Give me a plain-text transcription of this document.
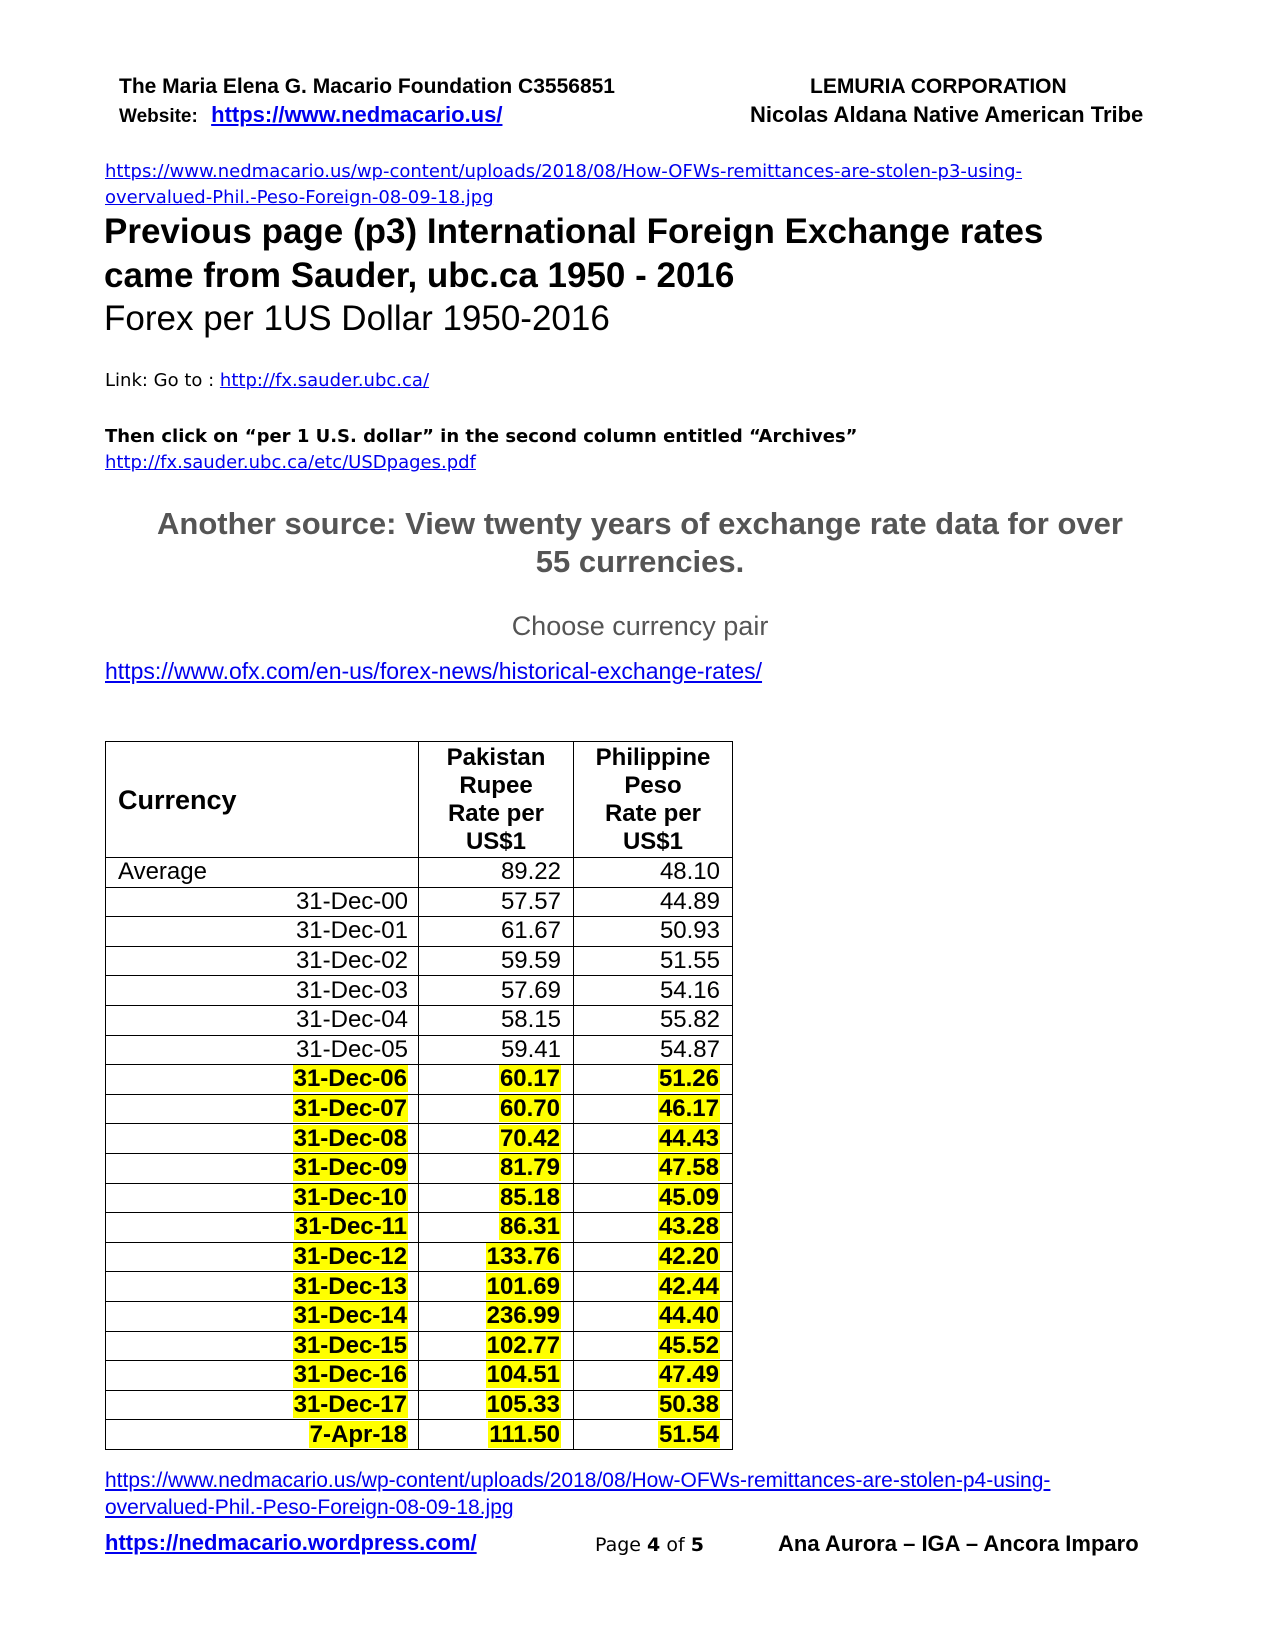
The Maria Elena G. Macario Foundation C3556851
Website: https://www.nedmacario.us/
LEMURIA CORPORATION
Nicolas Aldana Native American Tribe
https://www.nedmacario.us/wp-content/uploads/2018/08/How-OFWs-remittances-are-stolen-p3-using-
overvalued-Phil.-Peso-Foreign-08-09-18.jpg
Previous page (p3) International Foreign Exchange rates
came from Sauder, ubc.ca 1950 - 2016
Forex per 1US Dollar 1950-2016
Link: Go to : http://fx.sauder.ubc.ca/
Then click on “per 1 U.S. dollar” in the second column entitled “Archives”
http://fx.sauder.ubc.ca/etc/USDpages.pdf
Another source: View twenty years of exchange rate data for over
55 currencies.
Choose currency pair
https://www.ofx.com/en-us/forex-news/historical-exchange-rates/
Currency	Pakistan
Rupee
Rate per
US$1	Philippine
Peso
Rate per
US$1
Average	89.22	48.10
31-Dec-00	57.57	44.89
31-Dec-01	61.67	50.93
31-Dec-02	59.59	51.55
31-Dec-03	57.69	54.16
31-Dec-04	58.15	55.82
31-Dec-05	59.41	54.87
31-Dec-06	60.17	51.26
31-Dec-07	60.70	46.17
31-Dec-08	70.42	44.43
31-Dec-09	81.79	47.58
31-Dec-10	85.18	45.09
31-Dec-11	86.31	43.28
31-Dec-12	133.76	42.20
31-Dec-13	101.69	42.44
31-Dec-14	236.99	44.40
31-Dec-15	102.77	45.52
31-Dec-16	104.51	47.49
31-Dec-17	105.33	50.38
7-Apr-18	111.50	51.54
https://www.nedmacario.us/wp-content/uploads/2018/08/How-OFWs-remittances-are-stolen-p4-using-
overvalued-Phil.-Peso-Foreign-08-09-18.jpg
https://nedmacario.wordpress.com/	Page 4 of 5	Ana Aurora – IGA – Ancora Imparo
